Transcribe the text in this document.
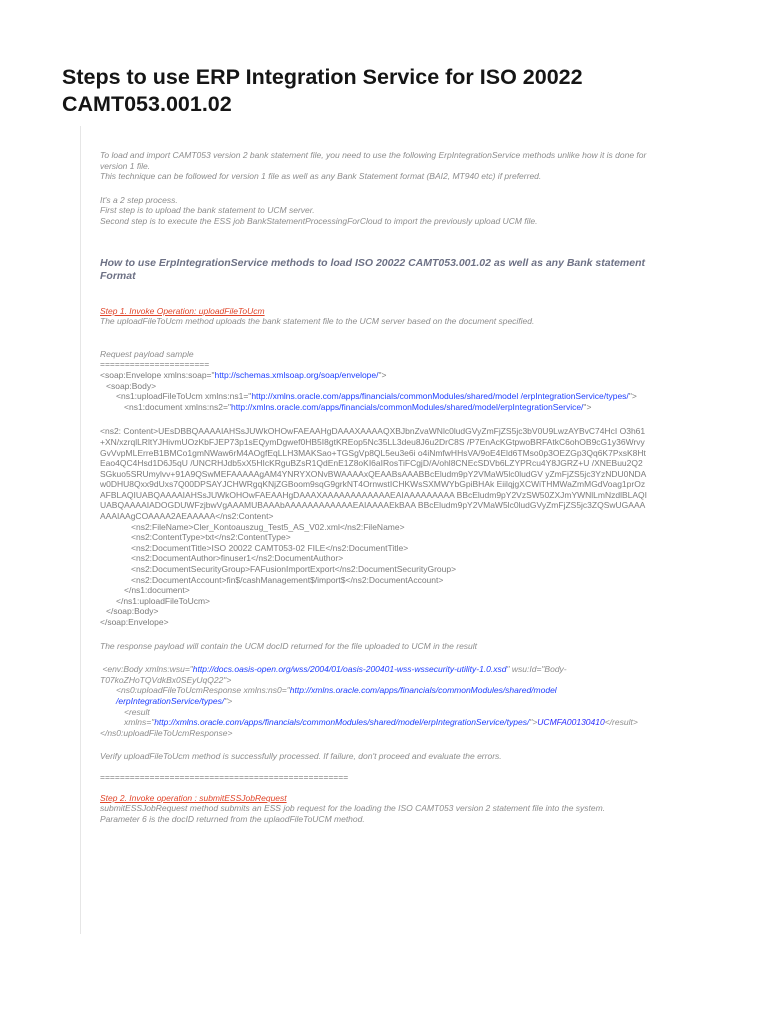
Steps to use ERP Integration Service for ISO 20022 CAMT053.001.02

To load and import CAMT053 version 2 bank statement file, you need to use the following ErpIntegrationService methods unlike how it is done for version 1 file.

This technique can be followed for version 1 file as well as any Bank Statement format (BAI2, MT940 etc) if preferred.

It's a 2 step process.

First step is to upload the bank statement to UCM server.

Second step is to execute the ESS job BankStatementProcessingForCloud to import the previously upload UCM file.

How to use ErpIntegrationService methods to load ISO 20022 CAMT053.001.02 as well as any Bank statement Format

Step 1. Invoke Operation: uploadFileToUcm

The uploadFileToUcm method uploads the bank statement file to the UCM server based on the document specified.

Request payload sample

======================

<soap:Envelope xmlns:soap="http://schemas.xmlsoap.org/soap/envelope/">

<soap:Body>

<ns1:uploadFileToUcm xmlns:ns1="http://xmlns.oracle.com/apps/financials/commonModules/shared/model /erpIntegrationService/types/">

<ns1:document xmlns:ns2="http://xmlns.oracle.com/apps/financials/commonModules/shared/model/erpIntegrationService/">

<ns2: Content>UEsDBBQAAAAIAHSsJUWkOHOwFAEAAHgDAAAXAAAAQXBJbnZvaWNlc0ludGVyZmFjZS5jc3bV0U9LwzAYBvC74HcI O3h61+XN/xzrqlLRltYJHivmUOzKbFJEP73p1sEQymDgwef0HB5I8gtKREop5Nc35LL3deu8J6u2DrC8S /P7EnAcKGtpwoBRFAtkC6ohOB9cG1y36WrvyGvVvpMLErreB1BMCo1gmNWaw6rM4AOgfEqLLH3MAKSao+TGSgVp8QL5eu3e6i o4iNmfwHHsVA/9oE4Eld6TMso0p3OEZGp3Qq6K7PxsK8HtEao4QC4Hsd1D6J5qU /UNCRHJdb5xX5HIcKRguBZsR1QdEnE1Z8oKI6aIRosTiFCgjD/A/ohl8CNEcSDVb6LZYPRcu4Y8JGRZ+U /XNEBuu2Q2SGkuo5SRUmylvv+91A9QSwMEFAAAAAgAM4YNRYXONvBWAAAAxQEAABsAAABBcEludm9pY2VMaW5lc0ludGV yZmFjZS5jc3YzNDU0NDAw0DHU8Qxx9dUxs7Q00DPSAYJCHWRgqKNjZGBoom9sqG9grkNT4OrnwstICHKWsSXMWYbGpiBHAk EiilqjgXCWiTHMWaZmMGdVoag1prOzAFBLAQIUABQAAAAIAHSsJUWkOHOwFAEAAHgDAAAXAAAAAAAAAAAAEAIAAAAAAAAA BBcEludm9pY2VzSW50ZXJmYWNlLmNzdlBLAQIUABQAAAAIADOGDUWFzjbwVgAAAMUBAAAbAAAAAAAAAAAAEAIAAAAEkBAA BBcEludm9pY2VMaW5lc0ludGVyZmFjZS5jc3ZQSwUGAAAAAAIAAgCOAAAA2AEAAAAA</ns2:Content>

<ns2:FileName>Cler_Kontoauszug_Test5_AS_V02.xml</ns2:FileName>

<ns2:ContentType>txt</ns2:ContentType>

<ns2:DocumentTitle>ISO 20022 CAMT053-02 FILE</ns2:DocumentTitle>

<ns2:DocumentAuthor>finuser1</ns2:DocumentAuthor>

<ns2:DocumentSecurityGroup>FAFusionImportExport</ns2:DocumentSecurityGroup>

<ns2:DocumentAccount>fin$/cashManagement$/import$</ns2:DocumentAccount>

</ns1:document>

</ns1:uploadFileToUcm>

</soap:Body>

</soap:Envelope>

The response payload will contain the UCM docID returned for the file uploaded to UCM in the result

<env:Body xmlns:wsu="http://docs.oasis-open.org/wss/2004/01/oasis-200401-wss-wssecurity-utility-1.0.xsd" wsu:Id="Body-T07koZHoTQVdkBx0SEyUqQ22">

<ns0:uploadFileToUcmResponse xmlns:ns0="http://xmlns.oracle.com/apps/financials/commonModules/shared/model /erpIntegrationService/types/">

<result xmlns="http://xmlns.oracle.com/apps/financials/commonModules/shared/model/erpIntegrationService/types/">UCMFA00130410</result>

</ns0:uploadFileToUcmResponse>

Verify uploadFileToUcm method is successfully processed. If failure, don't proceed and evaluate the errors.

==================================================

Step 2. Invoke operation : submitESSJobRequest

submitESSJobRequest method submits an ESS job request for the loading the ISO CAMT053 version 2 statement file into the system.

Parameter 6 is the docID returned from the uplaodFileToUCM method.
